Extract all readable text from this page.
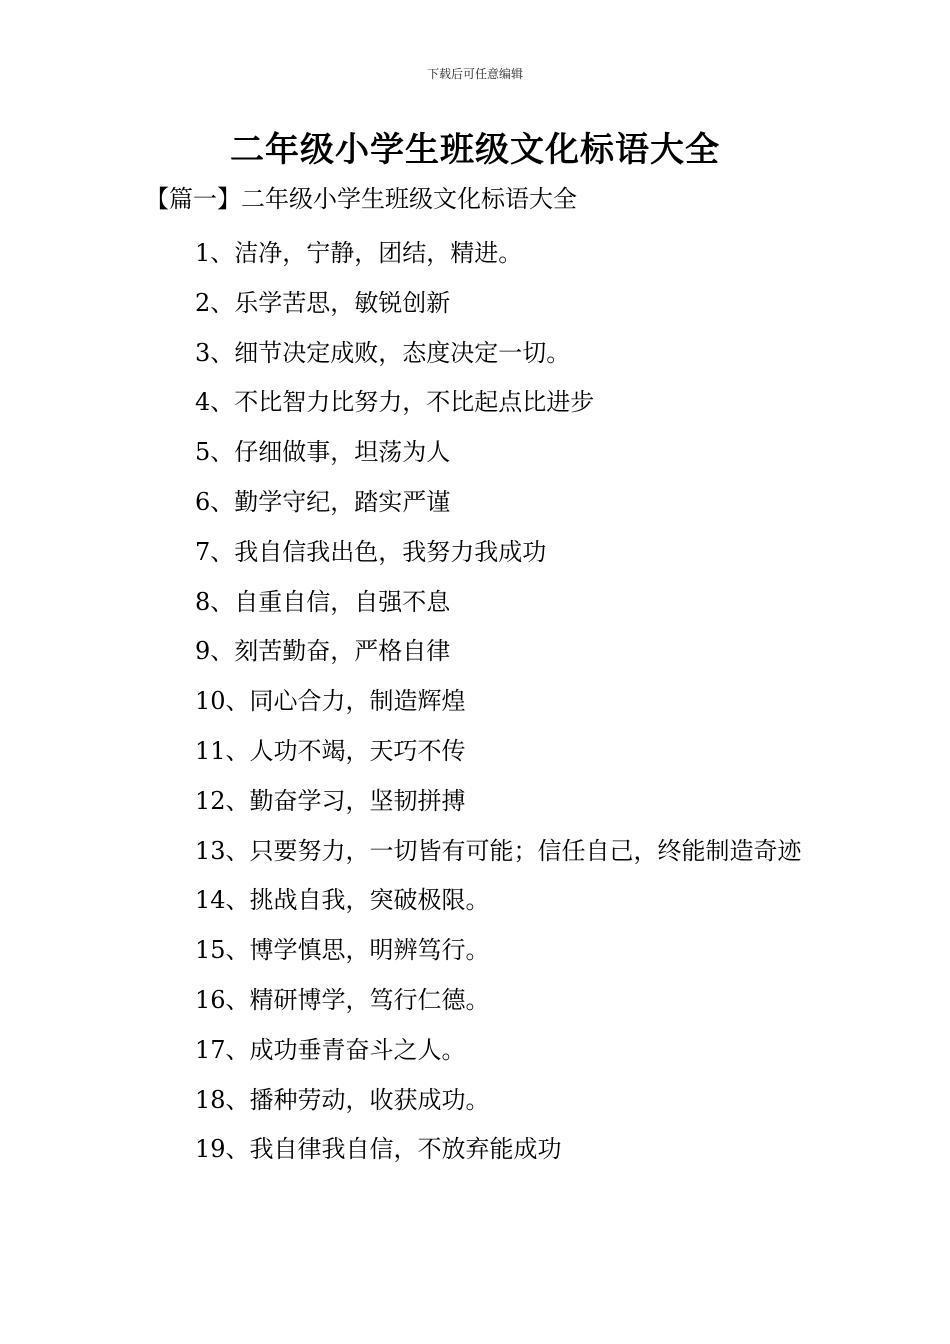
下载后可任意编辑
二年级小学生班级文化标语大全
【篇一】二年级小学生班级文化标语大全
1、洁净，宁静，团结，精进。
2、乐学苦思，敏锐创新
3、细节决定成败，态度决定一切。
4、不比智力比努力，不比起点比进步
5、仔细做事，坦荡为人
6、勤学守纪，踏实严谨
7、我自信我出色，我努力我成功
8、自重自信，自强不息
9、刻苦勤奋，严格自律
10、同心合力，制造辉煌
11、人功不竭，天巧不传
12、勤奋学习，坚韧拼搏
13、只要努力，一切皆有可能；信任自己，终能制造奇迹
14、挑战自我，突破极限。
15、博学慎思，明辨笃行。
16、精研博学，笃行仁德。
17、成功垂青奋斗之人。
18、播种劳动，收获成功。
19、我自律我自信，不放弃能成功
